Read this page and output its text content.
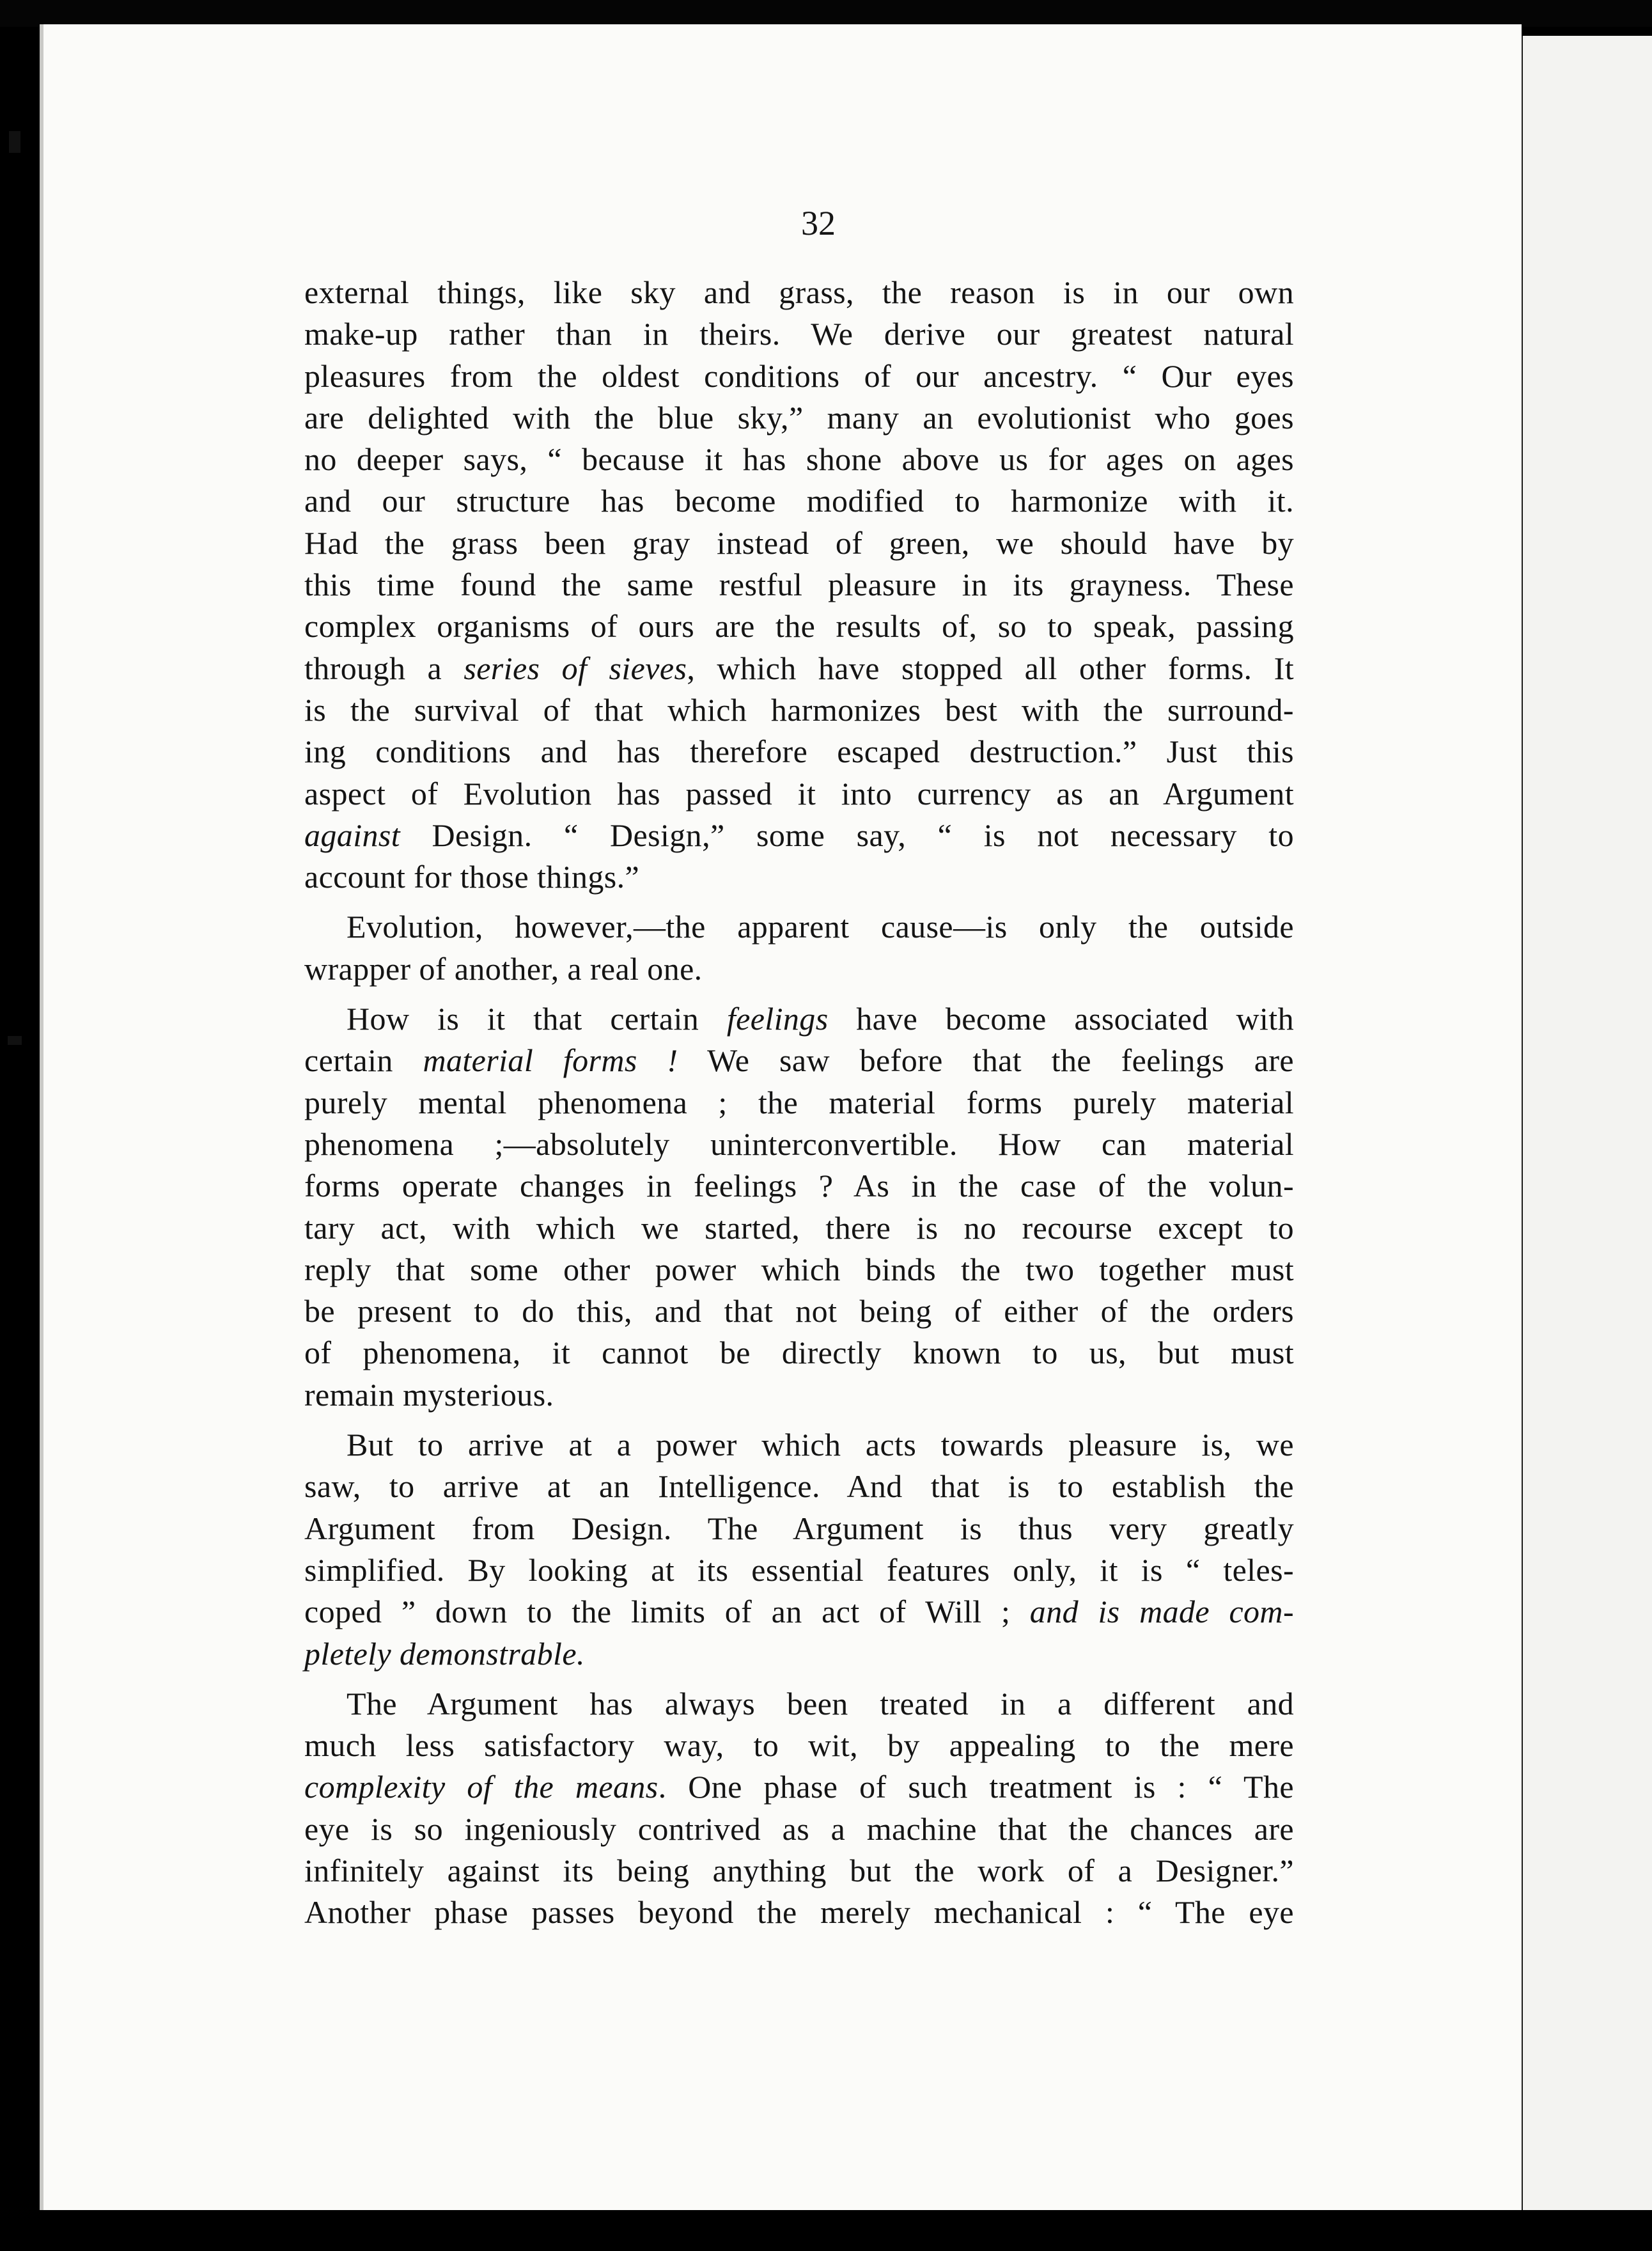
32
external things, like sky and grass, the reason is in our own
make-up rather than in theirs. We derive our greatest natural
pleasures from the oldest conditions of our ancestry. “ Our eyes
are delighted with the blue sky,” many an evolutionist who goes
no deeper says, “ because it has shone above us for ages on ages
and our structure has become modified to harmonize with it.
Had the grass been gray instead of green, we should have by
this time found the same restful pleasure in its grayness. These
complex organisms of ours are the results of, so to speak, passing
through a series of sieves, which have stopped all other forms. It
is the survival of that which harmonizes best with the surround-
ing conditions and has therefore escaped destruction.” Just this
aspect of Evolution has passed it into currency as an Argument
against Design. “ Design,” some say, “ is not necessary to
account for those things.”
Evolution, however,—the apparent cause—is only the outside
wrapper of another, a real one.
How is it that certain feelings have become associated with
certain material forms ! We saw before that the feelings are
purely mental phenomena ; the material forms purely material
phenomena ;—absolutely uninterconvertible. How can material
forms operate changes in feelings ? As in the case of the volun-
tary act, with which we started, there is no recourse except to
reply that some other power which binds the two together must
be present to do this, and that not being of either of the orders
of phenomena, it cannot be directly known to us, but must
remain mysterious.
But to arrive at a power which acts towards pleasure is, we
saw, to arrive at an Intelligence. And that is to establish the
Argument from Design. The Argument is thus very greatly
simplified. By looking at its essential features only, it is “ teles-
coped ” down to the limits of an act of Will ; and is made com-
pletely demonstrable.
The Argument has always been treated in a different and
much less satisfactory way, to wit, by appealing to the mere
complexity of the means. One phase of such treatment is : “ The
eye is so ingeniously contrived as a machine that the chances are
infinitely against its being anything but the work of a Designer.”
Another phase passes beyond the merely mechanical : “ The eye
